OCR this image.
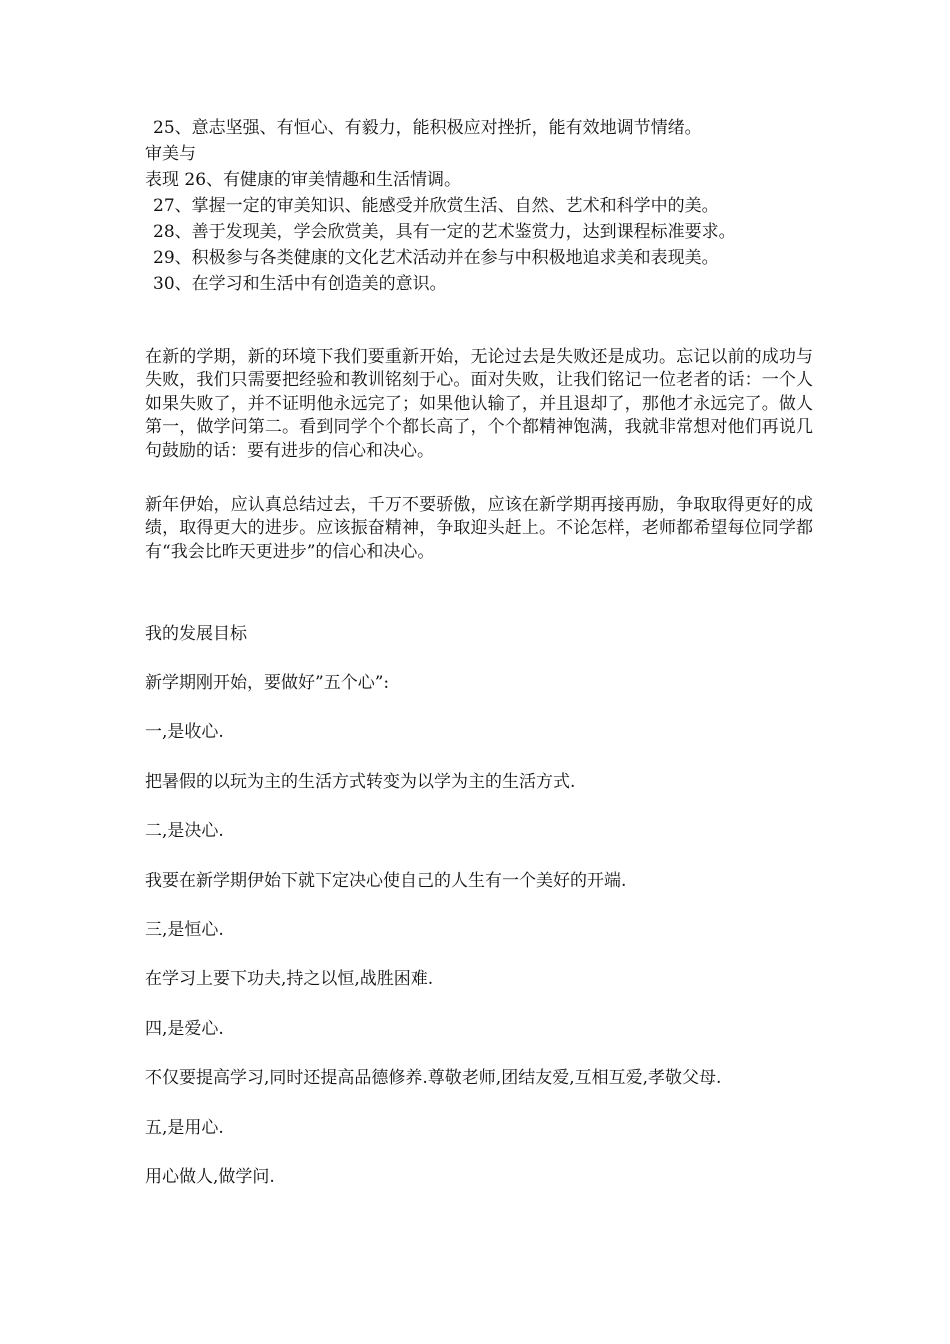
25、意志坚强、有恒心、有毅力，能积极应对挫折，能有效地调节情绪。

审美与

表现 26、有健康的审美情趣和生活情调。

27、掌握一定的审美知识、能感受并欣赏生活、自然、艺术和科学中的美。

28、善于发现美，学会欣赏美，具有一定的艺术鉴赏力，达到课程标准要求。

29、积极参与各类健康的文化艺术活动并在参与中积极地追求美和表现美。

30、在学习和生活中有创造美的意识。

在新的学期，新的环境下我们要重新开始，无论过去是失败还是成功。忘记以前的成功与失败，我们只需要把经验和教训铭刻于心。面对失败，让我们铭记一位老者的话：一个人如果失败了，并不证明他永远完了；如果他认输了，并且退却了，那他才永远完了。做人第一，做学问第二。看到同学个个都长高了，个个都精神饱满，我就非常想对他们再说几句鼓励的话：要有进步的信心和决心。

新年伊始，应认真总结过去，千万不要骄傲，应该在新学期再接再励，争取取得更好的成绩，取得更大的进步。应该振奋精神，争取迎头赶上。不论怎样，老师都希望每位同学都有“我会比昨天更进步”的信心和决心。

我的发展目标

新学期刚开始，要做好”五个心”:

一,是收心.

把暑假的以玩为主的生活方式转变为以学为主的生活方式.

二,是决心.

我要在新学期伊始下就下定决心使自己的人生有一个美好的开端.

三,是恒心.

在学习上要下功夫,持之以恒,战胜困难.

四,是爱心.

不仅要提高学习,同时还提高品德修养.尊敬老师,团结友爱,互相互爱,孝敬父母.

五,是用心.

用心做人,做学问.
